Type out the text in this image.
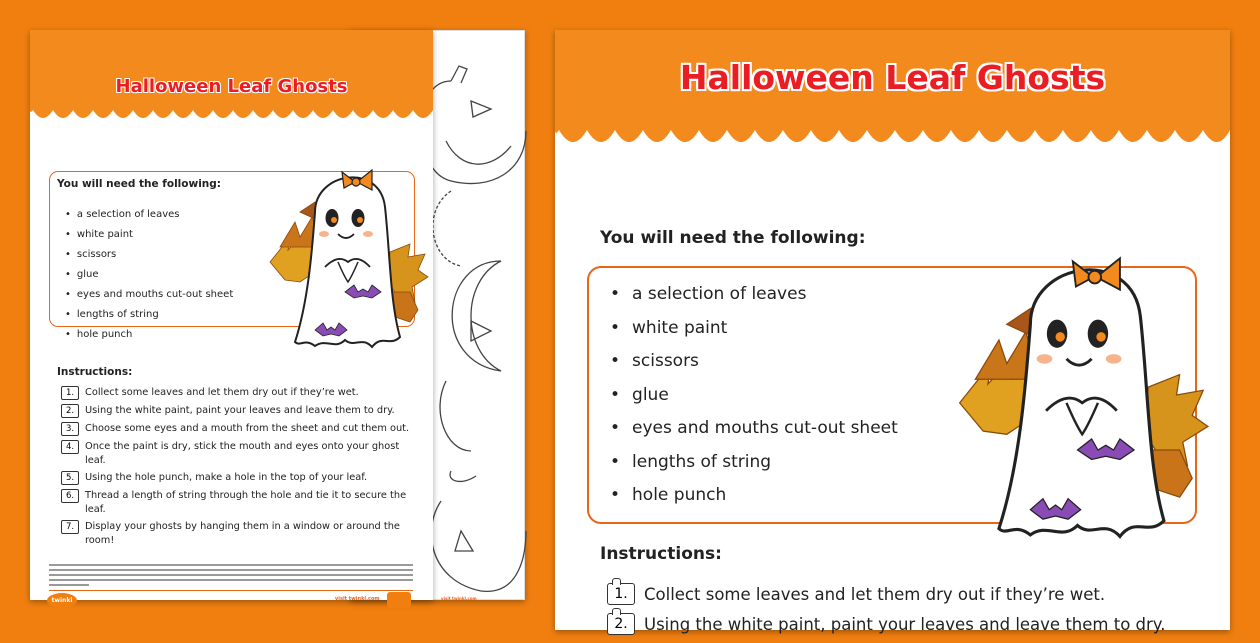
visit twinkl.com
Halloween Leaf Ghosts
You will need the following:
• a selection of leaves
• white paint
• scissors
• glue
• eyes and mouths cut-out sheet
• lengths of string
• hole punch
Instructions:
1.	Collect some leaves and let them dry out if they’re wet.
2.	Using the white paint, paint your leaves and leave them to dry.
3.	Choose some eyes and a mouth from the sheet and cut them out.
4.	Once the paint is dry, stick the mouth and eyes onto your ghost leaf.
5.	Using the hole punch, make a hole in the top of your leaf.
6.	Thread a length of string through the hole and tie it to secure the leaf.
7.	Display your ghosts by hanging them in a window or around the room!
twinkl	visit twinkl.com
Halloween Leaf Ghosts
You will need the following:
• a selection of leaves
• white paint
• scissors
• glue
• eyes and mouths cut-out sheet
• lengths of string
• hole punch
Instructions:
1. Collect some leaves and let them dry out if they’re wet.
2. Using the white paint, paint your leaves and leave them to dry.
